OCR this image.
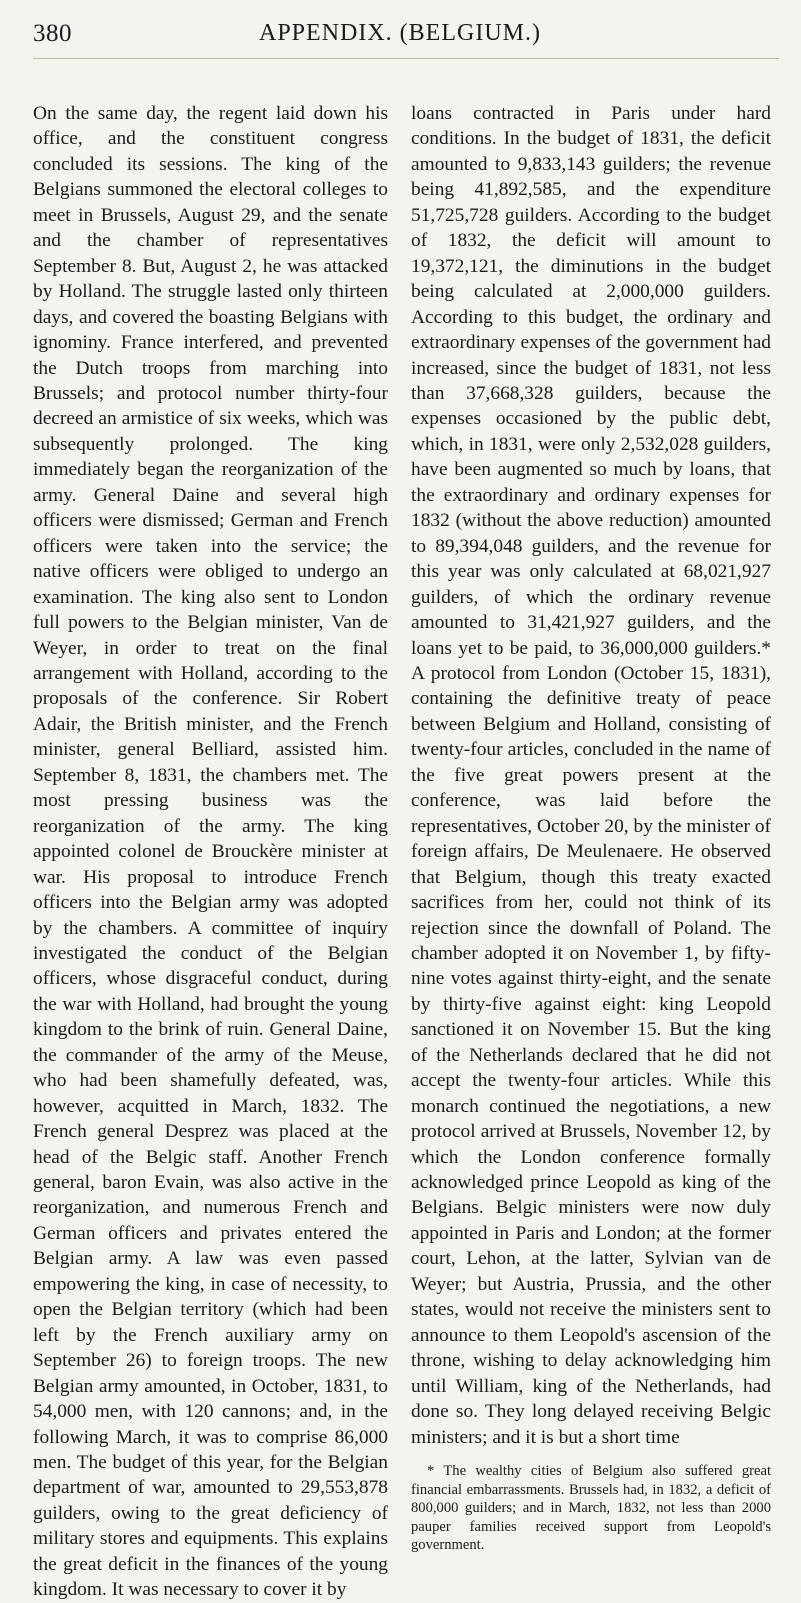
380	APPENDIX. (BELGIUM.)

On the same day, the regent laid down his office, and the constituent congress concluded its sessions. The king of the Belgians summoned the electoral colleges to meet in Brussels, August 29, and the senate and the chamber of representatives September 8. But, August 2, he was attacked by Holland. The struggle lasted only thirteen days, and covered the boasting Belgians with ignominy. France interfered, and prevented the Dutch troops from marching into Brussels; and protocol number thirty-four decreed an armistice of six weeks, which was subsequently prolonged. The king immediately began the reorganization of the army. General Daine and several high officers were dismissed; German and French officers were taken into the service; the native officers were obliged to undergo an examination. The king also sent to London full powers to the Belgian minister, Van de Weyer, in order to treat on the final arrangement with Holland, according to the proposals of the conference. Sir Robert Adair, the British minister, and the French minister, general Belliard, assisted him. September 8, 1831, the chambers met. The most pressing business was the reorganization of the army. The king appointed colonel de Brouckère minister at war. His proposal to introduce French officers into the Belgian army was adopted by the chambers. A committee of inquiry investigated the conduct of the Belgian officers, whose disgraceful conduct, during the war with Holland, had brought the young kingdom to the brink of ruin. General Daine, the commander of the army of the Meuse, who had been shamefully defeated, was, however, acquitted in March, 1832. The French general Desprez was placed at the head of the Belgic staff. Another French general, baron Evain, was also active in the reorganization, and numerous French and German officers and privates entered the Belgian army. A law was even passed empowering the king, in case of necessity, to open the Belgian territory (which had been left by the French auxiliary army on September 26) to foreign troops. The new Belgian army amounted, in October, 1831, to 54,000 men, with 120 cannons; and, in the following March, it was to comprise 86,000 men. The budget of this year, for the Belgian department of war, amounted to 29,553,878 guilders, owing to the great deficiency of military stores and equipments. This explains the great deficit in the finances of the young kingdom. It was necessary to cover it by

loans contracted in Paris under hard conditions. In the budget of 1831, the deficit amounted to 9,833,143 guilders; the revenue being 41,892,585, and the expenditure 51,725,728 guilders. According to the budget of 1832, the deficit will amount to 19,372,121, the diminutions in the budget being calculated at 2,000,000 guilders. According to this budget, the ordinary and extraordinary expenses of the government had increased, since the budget of 1831, not less than 37,668,328 guilders, because the expenses occasioned by the public debt, which, in 1831, were only 2,532,028 guilders, have been augmented so much by loans, that the extraordinary and ordinary expenses for 1832 (without the above reduction) amounted to 89,394,048 guilders, and the revenue for this year was only calculated at 68,021,927 guilders, of which the ordinary revenue amounted to 31,421,927 guilders, and the loans yet to be paid, to 36,000,000 guilders.* A protocol from London (October 15, 1831), containing the definitive treaty of peace between Belgium and Holland, consisting of twenty-four articles, concluded in the name of the five great powers present at the conference, was laid before the representatives, October 20, by the minister of foreign affairs, De Meulenaere. He observed that Belgium, though this treaty exacted sacrifices from her, could not think of its rejection since the downfall of Poland. The chamber adopted it on November 1, by fifty-nine votes against thirty-eight, and the senate by thirty-five against eight: king Leopold sanctioned it on November 15. But the king of the Netherlands declared that he did not accept the twenty-four articles. While this monarch continued the negotiations, a new protocol arrived at Brussels, November 12, by which the London conference formally acknowledged prince Leopold as king of the Belgians. Belgic ministers were now duly appointed in Paris and London; at the former court, Lehon, at the latter, Sylvian van de Weyer; but Austria, Prussia, and the other states, would not receive the ministers sent to announce to them Leopold's ascension of the throne, wishing to delay acknowledging him until William, king of the Netherlands, had done so. They long delayed receiving Belgic ministers; and it is but a short time

* The wealthy cities of Belgium also suffered great financial embarrassments. Brussels had, in 1832, a deficit of 800,000 guilders; and in March, 1832, not less than 2000 pauper families received support from Leopold's government.
